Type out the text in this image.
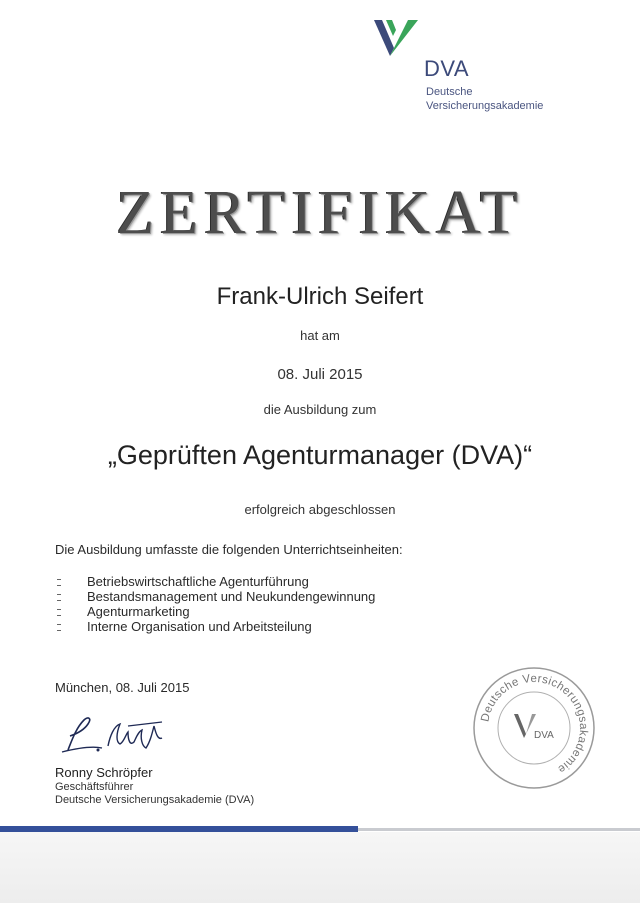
DVA
Deutsche
Versicherungsakademie
ZERTIFIKAT
Frank-Ulrich Seifert
hat am
08. Juli 2015
die Ausbildung zum
„Geprüften Agenturmanager (DVA)“
erfolgreich abgeschlossen
Die Ausbildung umfasste die folgenden Unterrichtseinheiten:
Betriebswirtschaftliche Agenturführung
Bestandsmanagement und Neukundengewinnung
Agenturmarketing
Interne Organisation und Arbeitsteilung
München, 08. Juli 2015
Ronny Schröpfer
Geschäftsführer
Deutsche Versicherungsakademie (DVA)
Deutsche Versicherungsakademie
DVA
